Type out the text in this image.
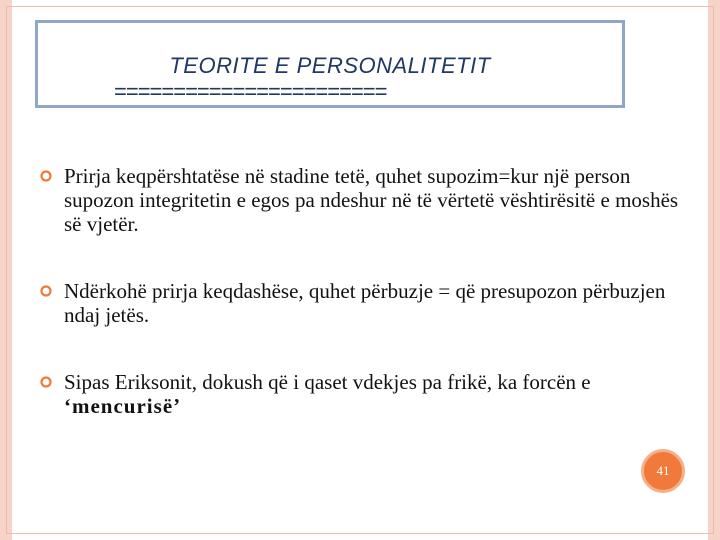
TEORITE E PERSONALITETIT
=======================
Prirja keqpërshtatëse në stadine tetë, quhet supozim=kur një person supozon integritetin e egos pa ndeshur në të vërtetë vështirësitë e moshës së vjetër.
Ndërkohë prirja keqdashëse, quhet përbuzje = që presupozon përbuzjen ndaj jetës.
Sipas Eriksonit, dokush që i qaset vdekjes pa frikë, ka forcën e ‘mencurisë’
41
